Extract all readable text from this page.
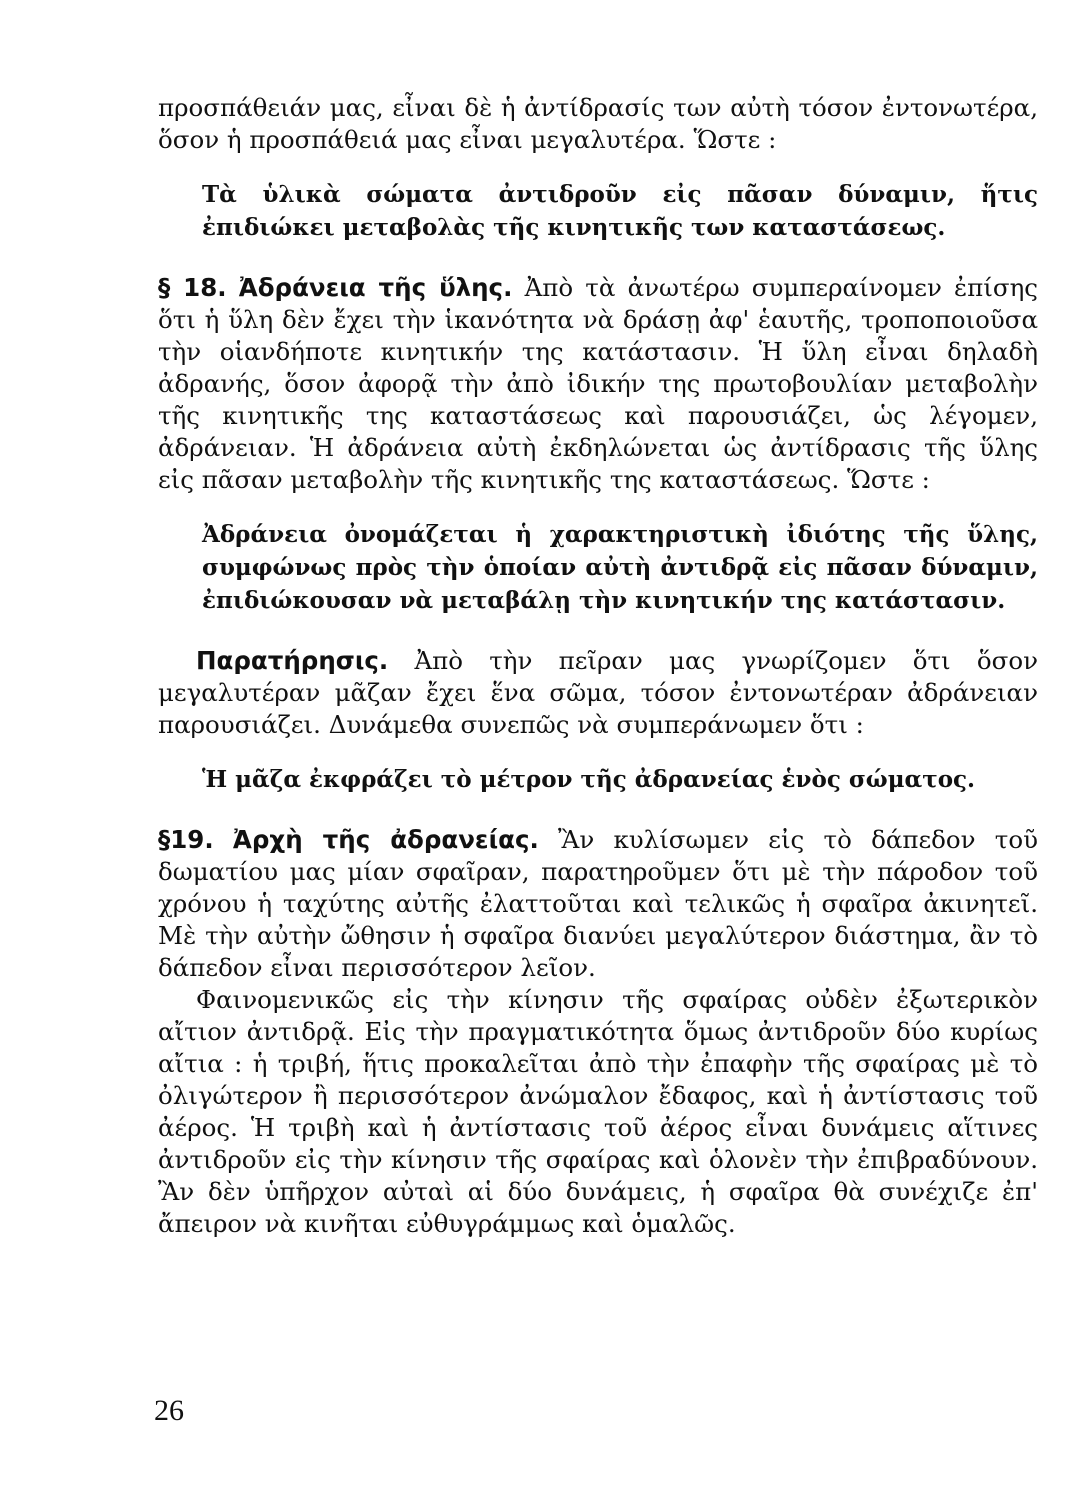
προσπάθειάν μας, εἶναι δὲ ἡ ἀντίδρασίς των αὐτὴ τόσον ἐντονωτέρα, ὅσον ἡ προσπάθειά μας εἶναι μεγαλυτέρα. Ὥστε :

Τὰ ὑλικὰ σώματα ἀντιδροῦν εἰς πᾶσαν δύναμιν, ἥτις ἐπιδιώκει μεταβολὰς τῆς κινητικῆς των καταστάσεως.

§ 18. Ἀδράνεια τῆς ὕλης. Ἀπὸ τὰ ἀνωτέρω συμπεραίνομεν ἐπίσης ὅτι ἡ ὕλη δὲν ἔχει τὴν ἱκανότητα νὰ δράσῃ ἀφ' ἑαυτῆς, τροποποιοῦσα τὴν οἱανδήποτε κινητικήν της κατάστασιν. Ἡ ὕλη εἶναι δηλαδὴ ἀδρανής, ὅσον ἀφορᾷ τὴν ἀπὸ ἰδικήν της πρωτοβουλίαν μεταβολὴν τῆς κινητικῆς της καταστάσεως καὶ παρουσιάζει, ὡς λέγομεν, ἀδράνειαν. Ἡ ἀδράνεια αὐτὴ ἐκδηλώνεται ὡς ἀντίδρασις τῆς ὕλης εἰς πᾶσαν μεταβολὴν τῆς κινητικῆς της καταστάσεως. Ὥστε :

Ἀδράνεια ὀνομάζεται ἡ χαρακτηριστικὴ ἰδιότης τῆς ὕλης, συμφώνως πρὸς τὴν ὁποίαν αὐτὴ ἀντιδρᾷ εἰς πᾶσαν δύναμιν, ἐπιδιώκουσαν νὰ μεταβάλῃ τὴν κινητικήν της κατάστασιν.

Παρατήρησις. Ἀπὸ τὴν πεῖραν μας γνωρίζομεν ὅτι ὅσον μεγαλυτέραν μᾶζαν ἔχει ἕνα σῶμα, τόσον ἐντονωτέραν ἀδράνειαν παρουσιάζει. Δυνάμεθα συνεπῶς νὰ συμπεράνωμεν ὅτι :

Ἡ μᾶζα ἐκφράζει τὸ μέτρον τῆς ἀδρανείας ἑνὸς σώματος.

§19. Ἀρχὴ τῆς ἀδρανείας. Ἂν κυλίσωμεν εἰς τὸ δάπεδον τοῦ δωματίου μας μίαν σφαῖραν, παρατηροῦμεν ὅτι μὲ τὴν πάροδον τοῦ χρόνου ἡ ταχύτης αὐτῆς ἐλαττοῦται καὶ τελικῶς ἡ σφαῖρα ἀκινητεῖ. Μὲ τὴν αὐτὴν ὤθησιν ἡ σφαῖρα διανύει μεγαλύτερον διάστημα, ἂν τὸ δάπεδον εἶναι περισσότερον λεῖον.

Φαινομενικῶς εἰς τὴν κίνησιν τῆς σφαίρας οὐδὲν ἐξωτερικὸν αἴτιον ἀντιδρᾷ. Εἰς τὴν πραγματικότητα ὅμως ἀντιδροῦν δύο κυρίως αἴτια : ἡ τριβή, ἥτις προκαλεῖται ἀπὸ τὴν ἐπαφὴν τῆς σφαίρας μὲ τὸ ὀλιγώτερον ἢ περισσότερον ἀνώμαλον ἔδαφος, καὶ ἡ ἀντίστασις τοῦ ἀέρος. Ἡ τριβὴ καὶ ἡ ἀντίστασις τοῦ ἀέρος εἶναι δυνάμεις αἵτινες ἀντιδροῦν εἰς τὴν κίνησιν τῆς σφαίρας καὶ ὁλονὲν τὴν ἐπιβραδύνουν. Ἂν δὲν ὑπῆρχον αὐταὶ αἱ δύο δυνάμεις, ἡ σφαῖρα θὰ συνέχιζε ἐπ' ἄπειρον νὰ κινῆται εὐθυγράμμως καὶ ὁμαλῶς.

26
